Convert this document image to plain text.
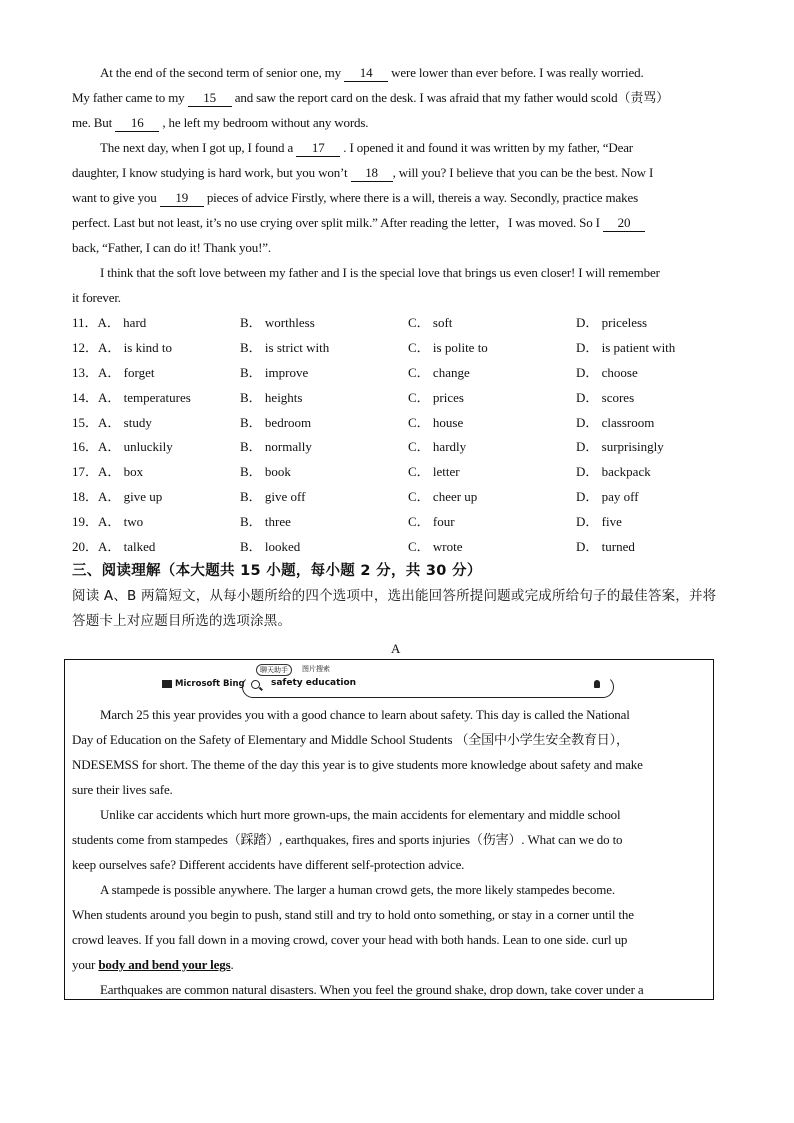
At the end of the second term of senior one, my 14 were lower than ever before. I was really worried.
My father came to my 15 and saw the report card on the desk. I was afraid that my father would scold（责骂）
me. But 16 , he left my bedroom without any words.
The next day, when I got up, I found a 17 . I opened it and found it was written by my father, “Dear
daughter, I know studying is hard work, but you won’t 18 , will you? I believe that you can be the best. Now I
want to give you 19 pieces of advice Firstly, where there is a will, thereis a way. Secondly, practice makes
perfect. Last but not least, it’s no use crying over split milk.” After reading the letter，I was moved. So I 20
back, “Father, I can do it! Thank you!”.
I think that the soft love between my father and I is the special love that brings us even closer! I will remember
it forever.
11．A． hard	B． worthless	C． soft	D． priceless
12．A． is kind to	B． is strict with	C． is polite to	D． is patient with
13．A． forget	B． improve	C． change	D． choose
14．A． temperatures	B． heights	C． prices	D． scores
15．A． study	B． bedroom	C． house	D． classroom
16．A． unluckily	B． normally	C． hardly	D． surprisingly
17．A． box	B． book	C． letter	D． backpack
18．A． give up	B． give off	C． cheer up	D． pay off
19．A． two	B． three	C． four	D． five
20．A． talked	B． looked	C． wrote	D． turned
三、阅读理解（本大题共 15 小题，每小题 2 分，共 30 分）
阅读 A、B 两篇短文，从每小题所给的四个选项中，选出能回答所提问题或完成所给句子的最佳答案，并将
答题卡上对应题目所选的选项涂黑。
A
聊天助手	图片搜索
Microsoft Bing	safety education
March 25 this year provides you with a good chance to learn about safety. This day is called the National
Day of Education on the Safety of Elementary and Middle School Students （全国中小学生安全教育日），
NDESEMSS for short. The theme of the day this year is to give students more knowledge about safety and make
sure their lives safe.
Unlike car accidents which hurt more grown-ups, the main accidents for elementary and middle school
students come from stampedes（踩踏）, earthquakes, fires and sports injuries（伤害）. What can we do to
keep ourselves safe? Different accidents have different self-protection advice.
A stampede is possible anywhere. The larger a human crowd gets, the more likely stampedes become.
When students around you begin to push, stand still and try to hold onto something, or stay in a corner until the
crowd leaves. If you fall down in a moving crowd, cover your head with both hands. Lean to one side. curl up
your body and bend your legs.
Earthquakes are common natural disasters. When you feel the ground shake, drop down, take cover under a
